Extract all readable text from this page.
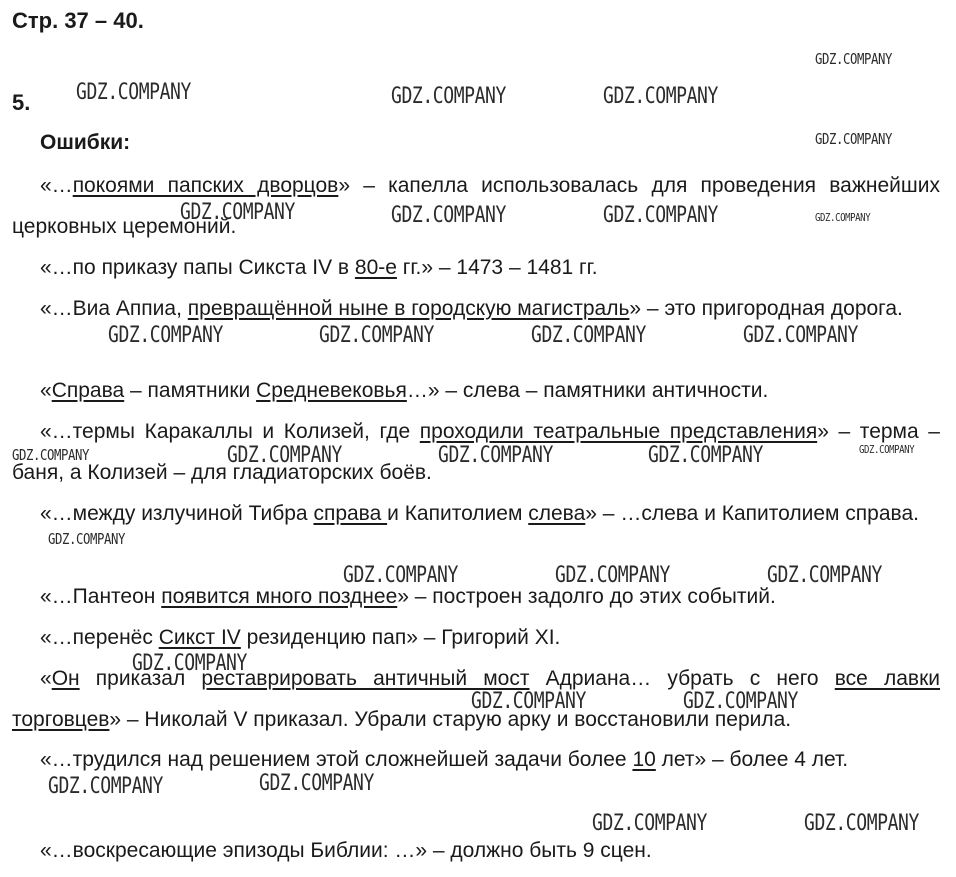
Стр. 37 – 40.
5.
Ошибки:

«…покоями папских дворцов» – капелла использовалась для проведения важнейших церковных церемоний.

«…по приказу папы Сикста IV в 80-е гг.» – 1473 – 1481 гг.

«…Виа Аппиа, превращённой ныне в городскую магистраль» – это пригородная дорога.

«Справа – памятники Средневековья…» – слева – памятники античности.

«…термы Каракаллы и Колизей, где проходили театральные представления» – терма – баня, а Колизей – для гладиаторских боёв.

«…между излучиной Тибра справа и Капитолием слева» – …слева и Капитолием справа.

«…Пантеон появится много позднее» – построен задолго до этих событий.

«…перенёс Сикст IV резиденцию пап» – Григорий XI.

«Он приказал реставрировать античный мост Адриана… убрать с него все лавки торговцев» – Николай V приказал. Убрали старую арку и восстановили перила.

«…трудился над решением этой сложнейшей задачи более 10 лет» – более 4 лет.

«…воскресающие эпизоды Библии: …» – должно быть 9 сцен.

GDZ.COMPANY
GDZ.COMPANY	GDZ.COMPANY	GDZ.COMPANY
GDZ.COMPANY
GDZ.COMPANY	GDZ.COMPANY	GDZ.COMPANY	GDZ.COMPANY
GDZ.COMPANY	GDZ.COMPANY	GDZ.COMPANY	GDZ.COMPANY
GDZ.COMPANY	GDZ.COMPANY	GDZ.COMPANY	GDZ.COMPANY	GDZ.COMPANY
GDZ.COMPANY
GDZ.COMPANY	GDZ.COMPANY	GDZ.COMPANY
GDZ.COMPANY
GDZ.COMPANY	GDZ.COMPANY
GDZ.COMPANY	GDZ.COMPANY
GDZ.COMPANY	GDZ.COMPANY
